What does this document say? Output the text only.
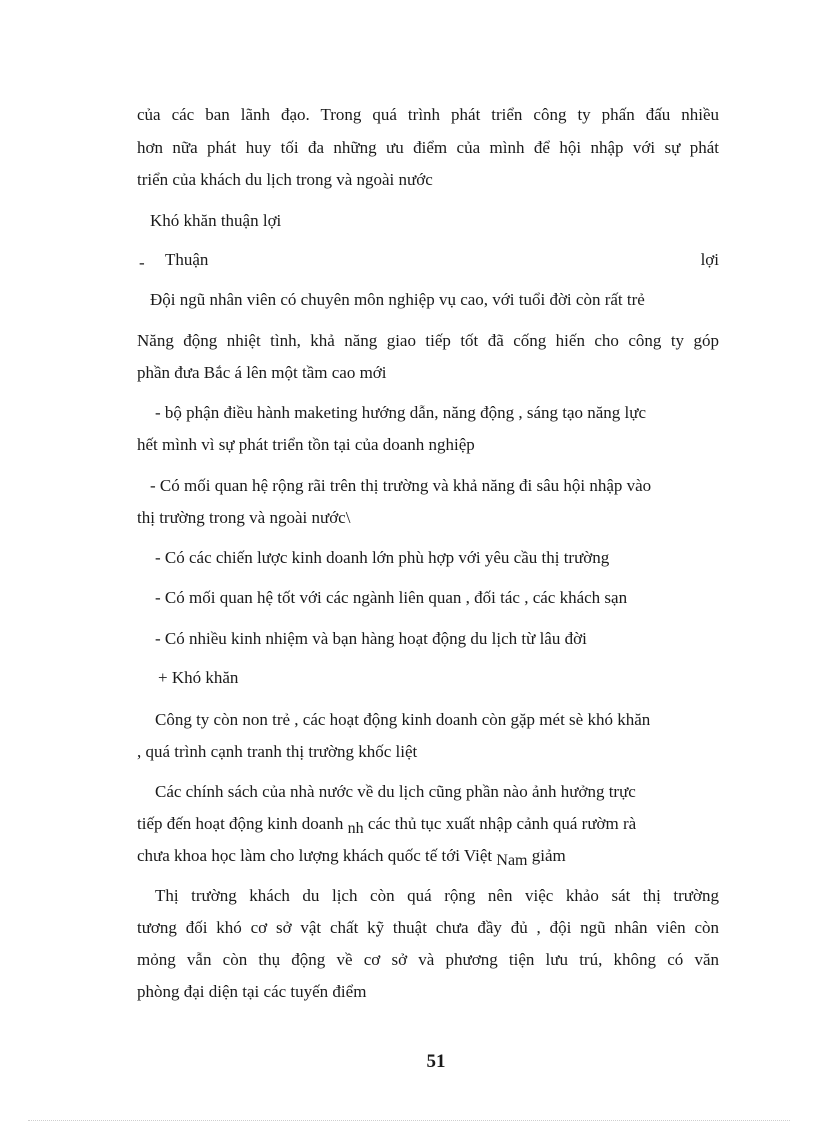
của các ban lãnh đạo. Trong quá trình phát triển công ty phấn đấu nhiều
hơn nữa phát huy tối đa những ưu điểm của mình để hội nhập với sự phát
triển của khách du lịch trong và ngoài nước
Khó khăn thuận lợi
- Thuận	lợi
Đội ngũ nhân viên có chuyên môn nghiệp vụ cao, với tuổi đời còn rất trẻ
Năng động nhiệt tình, khả năng giao tiếp tốt đã cống hiến cho công ty góp
phần đưa Bắc á lên một tầm cao mới
- bộ phận điều hành maketing hướng dẫn, năng động , sáng tạo năng lực
hết mình vì sự phát triển tồn tại của doanh nghiệp
- Có mối quan hệ rộng rãi trên thị trường và khả năng đi sâu hội nhập vào
thị trường trong và ngoài nước\
- Có các chiến lược kinh doanh lớn phù hợp với yêu cầu thị trường
- Có mối quan hệ tốt với các ngành liên quan , đối tác , các khách sạn
- Có nhiều kinh nhiệm và bạn hàng hoạt động du lịch từ lâu đời
+ Khó khăn
Công ty còn non trẻ , các hoạt động kinh doanh còn gặp mét sè khó khăn
, quá trình cạnh tranh thị trường khốc liệt
Các chính sách của nhà nước về du lịch cũng phần nào ảnh hưởng trực
tiếp đến hoạt động kinh doanh nh các thủ tục xuất nhập cảnh quá rườm rà
chưa khoa học làm cho lượng khách quốc tế tới Việt Nam giảm
Thị trường khách du lịch còn quá rộng nên việc khảo sát thị trường
tương đối khó cơ sở vật chất kỹ thuật chưa đầy đủ , đội ngũ nhân viên còn
mỏng vẫn còn thụ động về cơ sở và phương tiện lưu trú, không có văn
phòng đại diện tại các tuyến điểm
51
